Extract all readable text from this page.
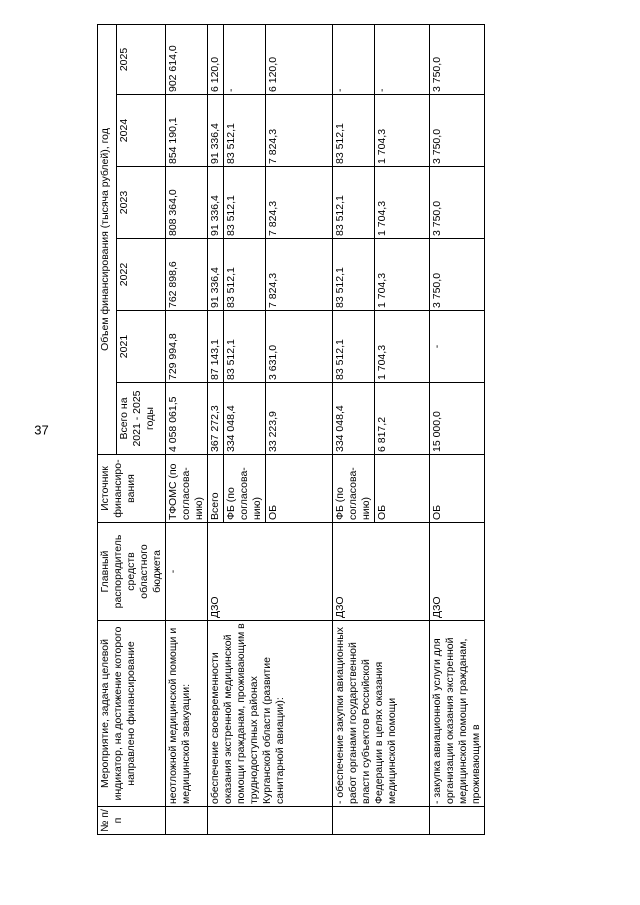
37
№ п/п	Мероприятие, задача целевой индикатор, на достижение которого направлено финансирование	Главный распорядитель средств областного бюджета	Источник финансиро-вания	Объем финансирования (тысяча рублей), год					
				Всего на 2021 - 2025 годы	2021	2022	2023	2024	2025
	неотложной медицинской помощи и медицинской эвакуации:	-	ТФОМС (по согласова-нию)	4 058 061,5	729 994,8	762 898,6	808 364,0	854 190,1	902 614,0
	обеспечение своевременности оказания экстренной медицинской помощи гражданам, проживающим в труднодоступных районах Курганской области (развитие санитарной авиации):	ДЗО	Всего	367 272,3	87 143,1	91 336,4	91 336,4	91 336,4	6 120,0
			ФБ (по согласова-нию)	334 048,4	83 512,1	83 512,1	83 512,1	83 512,1	-
			ОБ	33 223,9	3 631,0	7 824,3	7 824,3	7 824,3	6 120,0
	- обеспечение закупки авиационных работ органами государственной власти субъектов Российской Федерации в целях оказания медицинской помощи	ДЗО	ФБ (по согласова-нию)	334 048,4	83 512,1	83 512,1	83 512,1	83 512,1	-
			ОБ	6 817,2	1 704,3	1 704,3	1 704,3	1 704,3	-
	- закупка авиационной услуги для организации оказания экстренной медицинской помощи гражданам, проживающим в	ДЗО	ОБ	15 000,0	-	3 750,0	3 750,0	3 750,0	3 750,0
